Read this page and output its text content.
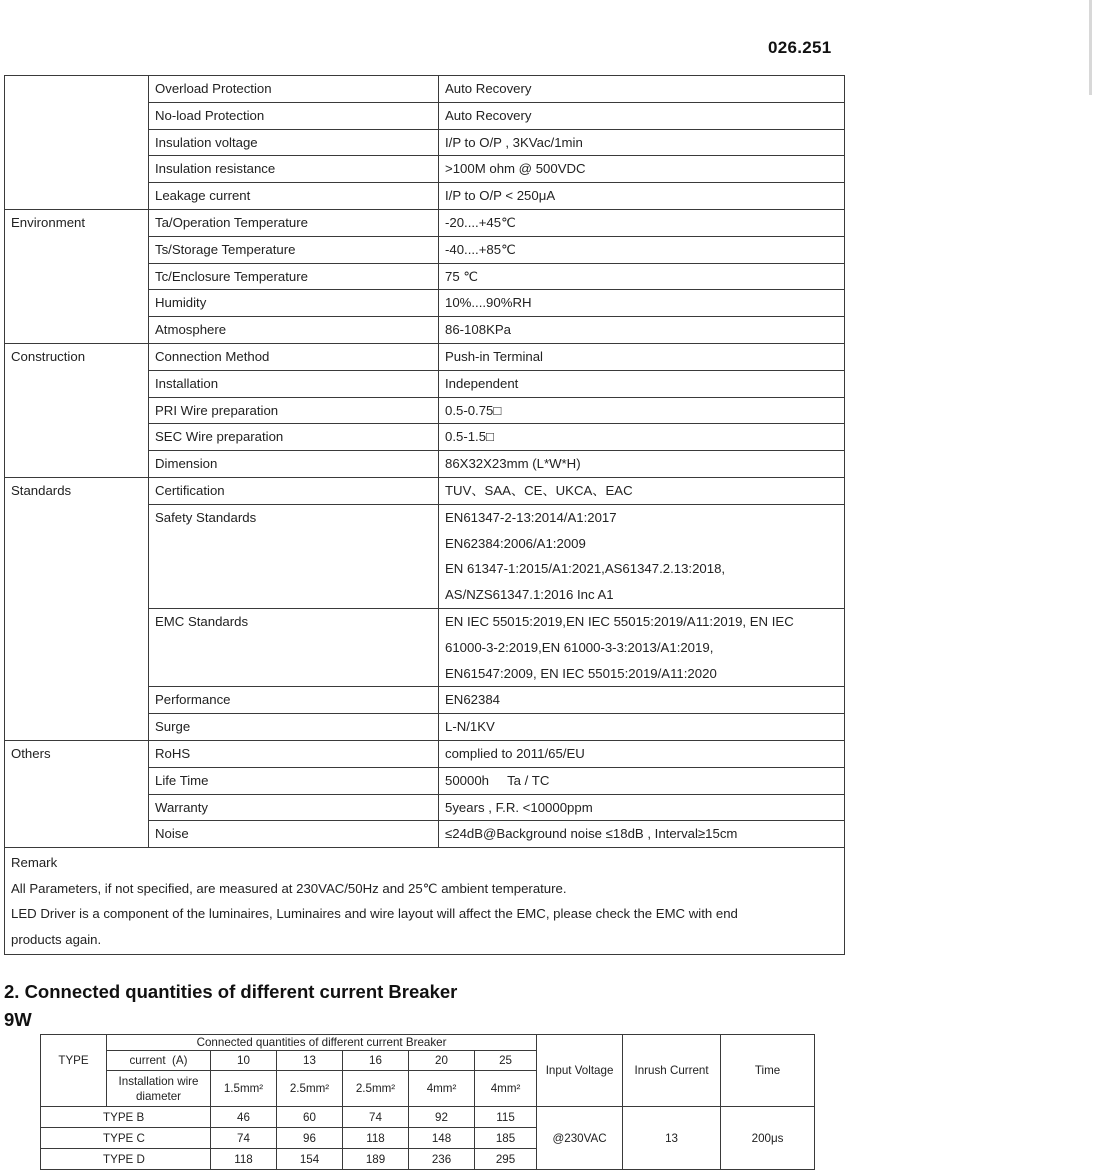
026.251
	Overload Protection	Auto Recovery
	No-load Protection	Auto Recovery
	Insulation voltage	I/P to O/P , 3KVac/1min
	Insulation resistance	>100M ohm @ 500VDC
	Leakage current	I/P to O/P < 250μA
Environment	Ta/Operation Temperature	-20....+45℃
	Ts/Storage Temperature	-40....+85℃
	Tc/Enclosure Temperature	75 ℃
	Humidity	10%....90%RH
	Atmosphere	86-108KPa
Construction	Connection Method	Push-in Terminal
	Installation	Independent
	PRI Wire preparation	0.5-0.75□
	SEC Wire preparation	0.5-1.5□
	Dimension	86X32X23mm (L*W*H)
Standards	Certification	TUV、SAA、CE、UKCA、EAC
	Safety Standards	EN61347-2-13:2014/A1:2017
EN62384:2006/A1:2009
EN 61347-1:2015/A1:2021,AS61347.2.13:2018,
AS/NZS61347.1:2016 Inc A1

	EMC Standards	EN IEC 55015:2019,EN IEC 55015:2019/A11:2019, EN IEC
61000-3-2:2019,EN 61000-3-3:2013/A1:2019,
EN61547:2009, EN IEC 55015:2019/A11:2020

	Performance	EN62384
	Surge	L-N/1KV
Others	RoHS	complied to 2011/65/EU
	Life Time	50000h     Ta / TC
	Warranty	5years , F.R. <10000ppm
	Noise	≤24dB@Background noise ≤18dB , Interval≥15cm

Remark
All Parameters, if not specified, are measured at 230VAC/50Hz and 25℃ ambient temperature.
LED Driver is a component of the luminaires, Luminaires and wire layout will affect the EMC, please check the EMC with end
products again.		
2. Connected quantities of different current Breaker
9W
	Connected quantities of different current Breaker						Input Voltage	Inrush Current	Time
TYPE	current  (A)	10	13	16	20	25			

	Installation wire
diameter	1.5mm²	2.5mm²	2.5mm²	4mm²	4mm²			
TYPE B		46	60	74	92	115	@230VAC	13	200μs
TYPE C		74	96	118	148	185			
TYPE D		118	154	189	236	295			
